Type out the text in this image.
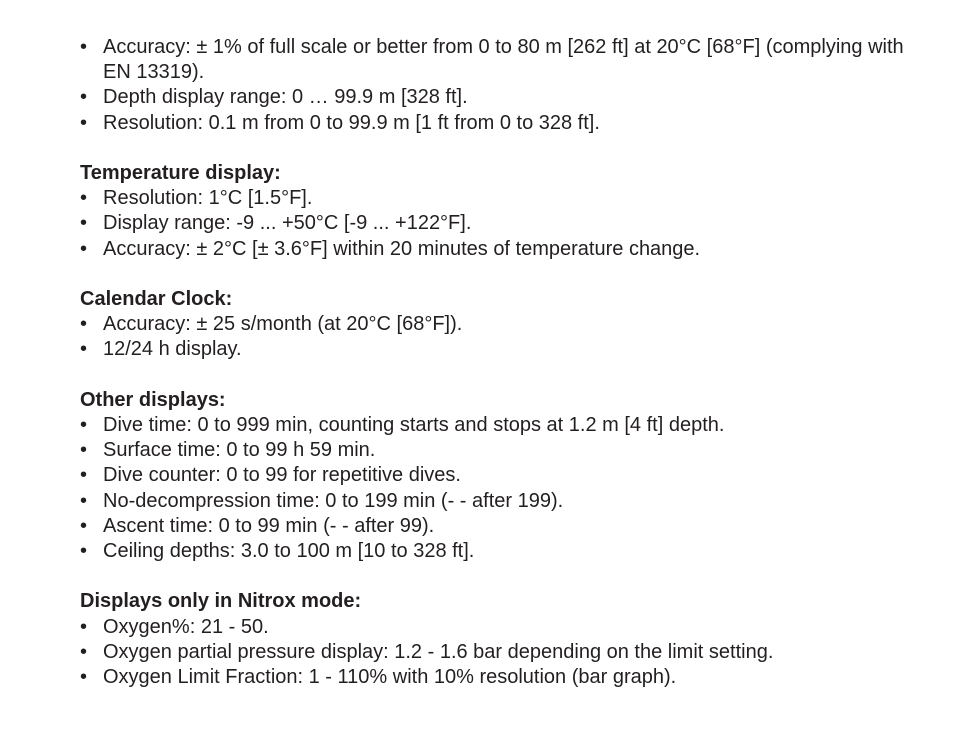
• Accuracy: ± 1% of full scale or better from 0 to 80 m [262 ft] at 20°C [68°F] (complying with EN 13319).
• Depth display range: 0 … 99.9 m [328 ft].
• Resolution: 0.1 m from 0 to 99.9 m [1 ft from 0 to 328 ft].
Temperature display:
• Resolution: 1°C [1.5°F].
• Display range: -9 ... +50°C [-9 ... +122°F].
• Accuracy: ± 2°C [± 3.6°F] within 20 minutes of temperature change.
Calendar Clock:
• Accuracy: ± 25 s/month (at 20°C [68°F]).
• 12/24 h display.
Other displays:
• Dive time: 0 to 999 min, counting starts and stops at 1.2 m [4 ft] depth.
• Surface time: 0 to 99 h 59 min.
• Dive counter: 0 to 99 for repetitive dives.
• No-decompression time: 0 to 199 min (- - after 199).
• Ascent time: 0 to 99 min (- - after 99).
• Ceiling depths: 3.0 to 100 m [10 to 328 ft].
Displays only in Nitrox mode:
• Oxygen%: 21 - 50.
• Oxygen partial pressure display: 1.2 - 1.6 bar depending on the limit setting.
• Oxygen Limit Fraction: 1 - 110% with 10% resolution (bar graph).
